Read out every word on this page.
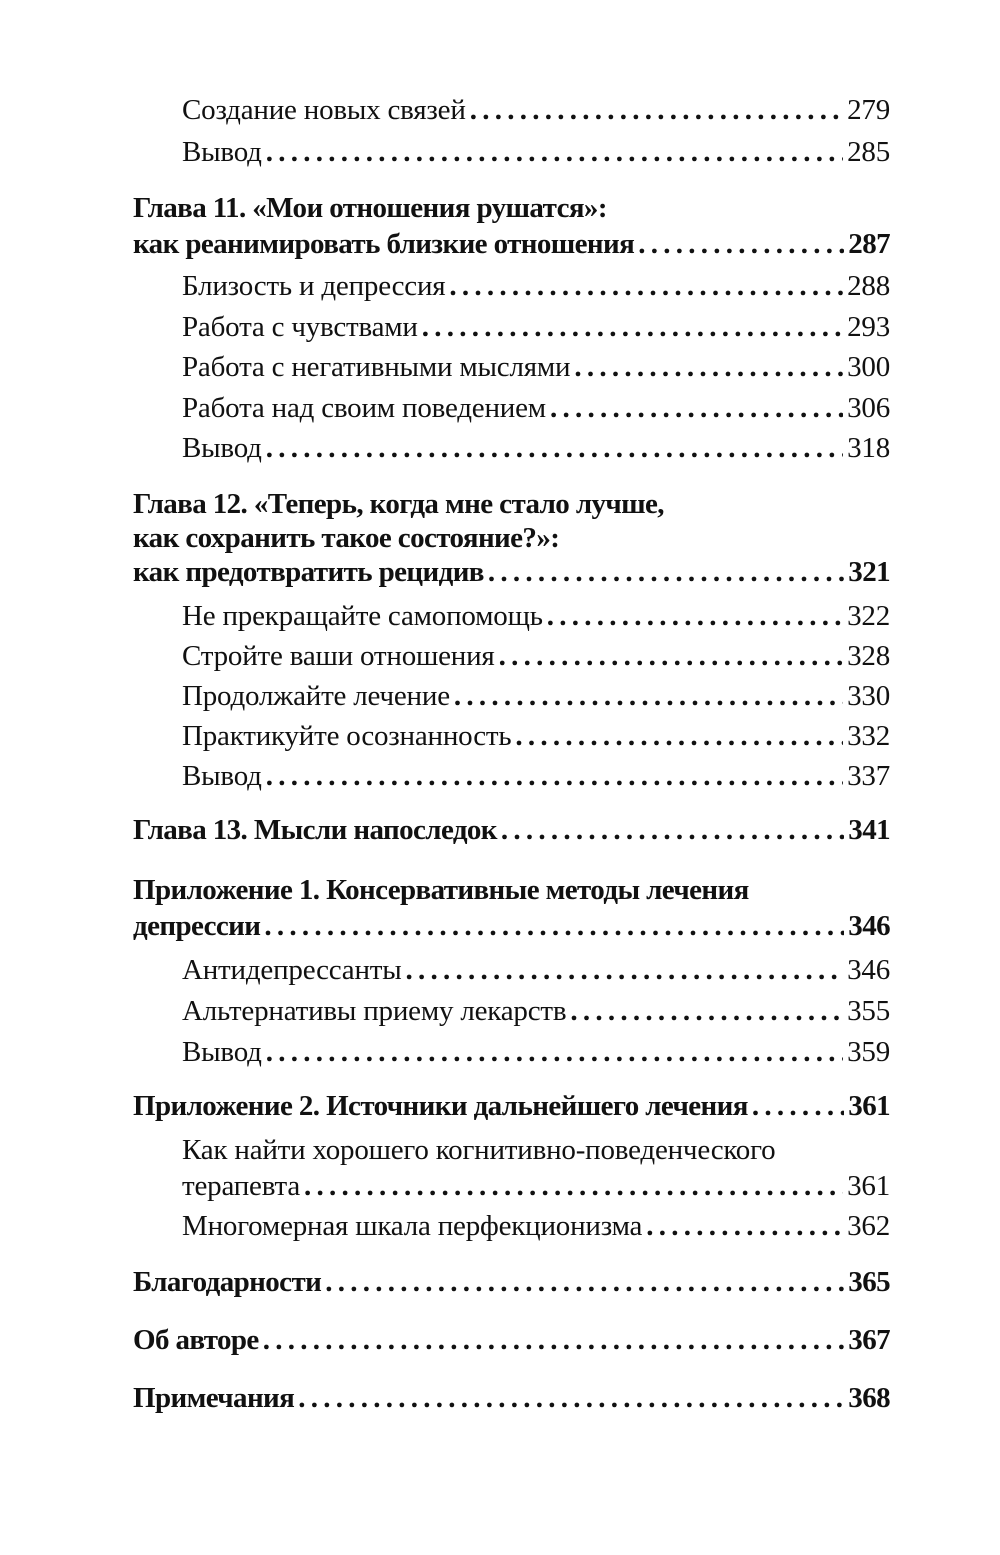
Создание новых связей . . .	279
Вывод . . .	285
Глава 11. «Мои отношения рушатся»:
как реанимировать близкие отношения . . .	287
Близость и депрессия . . .	288
Работа с чувствами . . .	293
Работа с негативными мыслями . . .	300
Работа над своим поведением . . .	306
Вывод . . .	318
Глава 12. «Теперь, когда мне стало лучше,
как сохранить такое состояние?»:
как предотвратить рецидив . . .	321
Не прекращайте самопомощь . . .	322
Стройте ваши отношения . . .	328
Продолжайте лечение . . .	330
Практикуйте осознанность . . .	332
Вывод . . .	337
Глава 13. Мысли напоследок . . .	341
Приложение 1. Консервативные методы лечения
депрессии . . .	346
Антидепрессанты . . .	346
Альтернативы приему лекарств . . .	355
Вывод . . .	359
Приложение 2. Источники дальнейшего лечения . . .	361
Как найти хорошего когнитивно-поведенческого
терапевта . . .	361
Многомерная шкала перфекционизма . . .	362
Благодарности . . .	365
Об авторе . . .	367
Примечания . . .	368
